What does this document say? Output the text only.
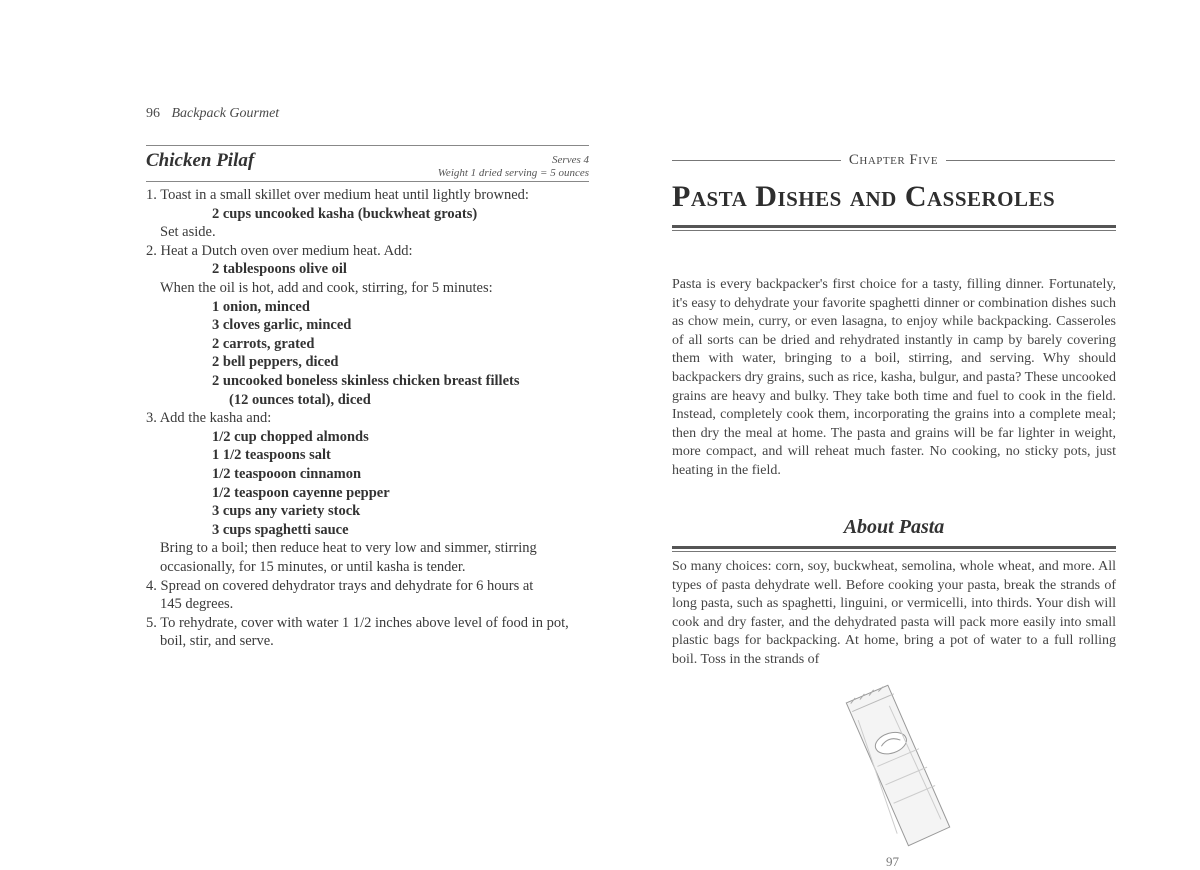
96 Backpack Gourmet
Chicken Pilaf	Serves 4
Weight 1 dried serving = 5 ounces
1. Toast in a small skillet over medium heat until lightly browned:
2 cups uncooked kasha (buckwheat groats)
Set aside.
2. Heat a Dutch oven over medium heat. Add:
2 tablespoons olive oil
When the oil is hot, add and cook, stirring, for 5 minutes:
1 onion, minced
3 cloves garlic, minced
2 carrots, grated
2 bell peppers, diced
2 uncooked boneless skinless chicken breast fillets
(12 ounces total), diced
3. Add the kasha and:
1/2 cup chopped almonds
1 1/2 teaspoons salt
1/2 teaspooon cinnamon
1/2 teaspoon cayenne pepper
3 cups any variety stock
3 cups spaghetti sauce
Bring to a boil; then reduce heat to very low and simmer, stirring
occasionally, for 15 minutes, or until kasha is tender.
4. Spread on covered dehydrator trays and dehydrate for 6 hours at
145 degrees.
5. To rehydrate, cover with water 1 1/2 inches above level of food in pot,
boil, stir, and serve.
Chapter Five
Pasta Dishes and Casseroles

Pasta is every backpacker's first choice for a tasty, filling dinner. Fortunately, it's easy to dehydrate your favorite spaghetti dinner or combination dishes such as chow mein, curry, or even lasagna, to enjoy while backpacking. Casseroles of all sorts can be dried and rehydrated instantly in camp by barely covering them with water, bringing to a boil, stirring, and serving. Why should backpackers dry grains, such as rice, kasha, bulgur, and pasta? These uncooked grains are heavy and bulky. They take both time and fuel to cook in the field. Instead, completely cook them, incorporating the grains into a complete meal; then dry the meal at home. The pasta and grains will be far lighter in weight, more compact, and will reheat much faster. No cooking, no sticky pots, just heating in the field.

About Pasta

So many choices: corn, soy, buckwheat, semolina, whole wheat, and more. All types of pasta dehydrate well. Before cooking your pasta, break the strands of long pasta, such as spaghetti, linguini, or vermicelli, into thirds. Your dish will cook and dry faster, and the dehydrated pasta will pack more easily into small plastic bags for backpacking. At home, bring a pot of water to a full rolling boil. Toss in the strands of

97
